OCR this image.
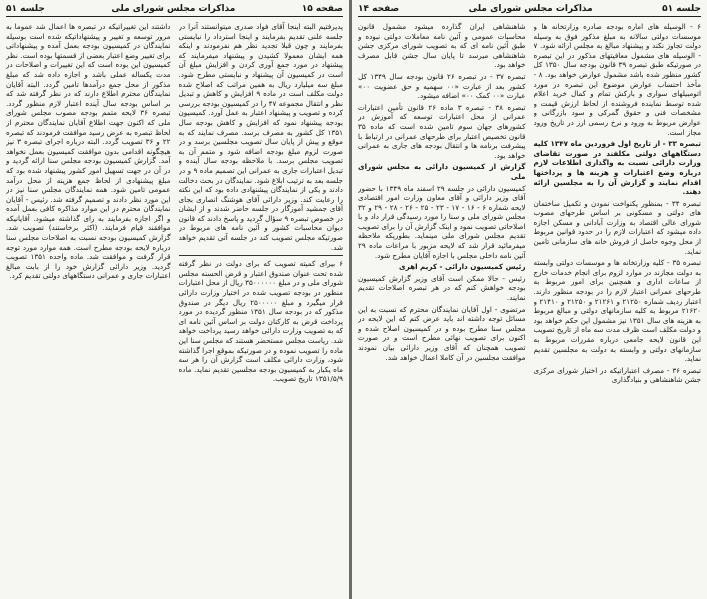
صفحه ۱۵
مذاکرات مجلس شورای ملی
جلسه ۵۱

پدیرفتیم البته اینجا آقای فواد صدری میتوانستند آنرا در جلسه علنی تقدیم بفرمایند و اینجا استرداد را نبایستی بفرمایند و چون قبلا تجدید نظر هم نفرمودند و اینکه همه ایشان معمولا کشیدن و پیشنهاد میفرمایند که پیشنهاد در مورد جمع آوری کردن و افزایش مبلغ آن است در کمیسیون آن پیشنهاد و نبایستی مطرح شود. مبلغ سه میلیارد ریال به همین مراتب که اصلاح شده دولت مکلف است در ماده ۹ افزایش و کاهش و تبدیل نظر و انتقال مجموعه ۴۷ را در کمیسیون بودجه بررسی کرده و تصویب و پیشنهاد اعتبار به عمل آورد. کمیسیون بودجه پیشنهاد نمود که افزایش و کاهش بودجه سال ۱۳۵۱ کل کشور به مصرف برسد. مصرف نمایند که به موقع و پیش از پایان سال تصویب مجلسین برسد و در صورت لزوم مبلغ بودجه اضافه شود و متمم آن به تصویب مجلس برسد. با ملاحظه بودجه سال آینده و تبدیل اعتبارات جاری به عمرانی این تصمیم ماده ۹ و در جلسه بعد به ترتیب ابلاغ شود. نمایندگان در بحث دخالت دادند و یکی از نمایندگان پیشنهادی داده بود که این نکته را رعایت کند. وزیر دارائی آقای هوشنگ انصاری بجای آقای جمشید آموزگار در جلسه حاضر شدند و از ایشان در خصوص تبصره ۹ سؤال گردید و پاسخ دادند که قانون دیوان محاسبات کشور و آئین نامه های مربوط در صورتیکه مجلس تصویب کند در جلسه آتی تقدیم خواهد شد.

۶ بیرای کمیته تصویب که برای دولت در نظر گرفته شده تحت عنوان صندوق اعتبار و قرض الحسنه مجلس شورای ملی و در مبلغ ۳۵۰۰۰۰۰۰ ریال از محل اعتبارات منظور در بودجه تصویب شده در اختیار وزارت دارائی قرار میگیرد و مبلغ ۲۵۰۰۰۰۰ ریال دیگر در صندوق مذکور که در بودجه سال ۱۳۵۱ منظور گردیده در مورد پرداخت قرض به کارکنان دولت بر اساس آئین نامه ای که به تصویب وزارت دارائی خواهد رسید پرداخت خواهد شد. ریاست مجلس مستحضر هستند که مجلس سنا این ماده را تصویب نموده و در صورتیکه بموقع اجرا گذاشته شود، وزارت دارائی مکلف است گزارش آن را هر سه ماه یکبار به کمیسیون بودجه مجلسین تقدیم نماید. ماده ۱۳۵۱/۵/۹ تاریخ تصویب.

داشتند این تغییراتیکه در تبصره ها اعمال شد عموما به مرور توسعه و تغییر و پیشنهاداتیکه شده است بوسیله نمایندگان در کمیسیون بودجه بعمل آمده و پیشنهاداتی برای تغییر وضع اعتبار بعضی از قسمتها بوده است. نظر کمیسیون این بوده است که این تغییرات و اصلاحات در مدت یکساله عملی باشد و اجازه داده شد که مبلغ مذکور از محل جمع درآمدها تامین گردد. البته آقایان نمایندگان محترم اطلاع دارند که در نظر گرفته شد که بر اساس بودجه سال آینده اعتبار لازم منظور گردد. تبصره ۳۶ لایحه متمم بودجه مصوب مجلس شورای ملی که اکنون جهت اطلاع آقایان نمایندگان محترم از لحاظ تبصره به عرض رسید موافقت فرمودند که تبصره ۲۲ و ۳۶ تصویب گردد. البته درباره اجرای تبصره ۳ نیز هیچگونه اقدامی بدون موافقت کمیسیون بعمل نخواهد آمد. گزارش کمیسیون بودجه مجلس سنا ارائه گردید و در آن در جهت تسهیل امور کشور پیشنهاد شده بود که مبلغ پیشنهادی از لحاظ جمع هزینه از محل درآمد عمومی تامین شود. همه نمایندگان مجلس سنا نیز در این مورد نظر دادند و تصمیم گرفته شد. رئیس - آقایان نمایندگان محترم در این موارد مذاکره کافی بعمل آمده و اگر اجازه بفرمایند به رای گذاشته میشود. آقایانیکه موافقند قیام فرمایند. (اکثر برخاستند) تصویب شد. گزارش کمیسیون بودجه نسبت به اصلاحات مجلس سنا درباره لایحه بودجه مطرح است. همه موارد مورد توجه قرار گرفت و موافقت شد. ماده واحده ۱۳۵۱ تصویب گردید. وزیر دارائی گزارش خود را از بابت مبالغ اعتبارات جاری و عمرانی دستگاههای دولتی تقدیم کرد.

جلسه ۵۱
مذاکرات مجلس شورای ملی
صفحه ۱۴

۶ - الوسیله های اماره بودجه صادره وزارتخانه ها و موسسات دولتی سالانه به مبلغ مذکور فوق به وسیله دولت تجاوز نکند و پیشنهاد مبالغ به مجلس ارائه شود. ۷ - الوسیله های مشمول معافیتهای مذکور در این تبصره در صورتیکه طبق تبصره ۳۹ قانون بودجه سال ۱۳۵۰ کل کشور منظور شده باشد مشمول عوارض خواهد بود. ۸ - مأخذ احتساب عوارض موضوع این تبصره در مورد اتومبیلهای سواری و بارکش تمام و کمال خرید اعلام شده توسط نماینده فروشنده از لحاظ ارزش قیمت و مشخصات فنی و حقوق گمرکی و سود بازرگانی و عوارض مربوط به ورود و نرخ رسمی ارز در تاریخ ورود مجاز است.

تبصره ۳۳ - از تاریخ اول فروردین ماه ۱۳۴۷ کلیه دستگاههای دولتی مکلفند در صورت تقاضای وزارت دارائی نسبت به واگذاری اطلاعات لازم درباره وضع اعتبارات و هزینه ها و پرداختها اقدام نمایند و گزارش آن را به مجلسین ارائه دهند.

تبصره ۳۴ - بمنظور یکنواخت نمودن و تکمیل ساختمان های دولتی و مسکونی بر اساس طرحهای مصوب شورای عالی اقتصاد به وزارت آبادانی و مسکن اجازه داده میشود که اعتبارات لازم را در حدود قوانین مربوط از محل وجوه حاصل از فروش خانه های سازمانی تامین نماید.

تبصره ۳۵ - کلیه وزارتخانه ها و موسسات دولتی وابسته به دولت مجازند در موارد لزوم برای انجام خدمات خارج از ساعات اداری و همچنین برای امور مربوط به طرحهای عمرانی اعتبار لازم را در بودجه منظور دارند. اعتبار ردیف شماره ۲۱۲۵۰ و ۲۱۲۶۱ و ۲۱۲۵۰ و ۲۱۴۱۰ و ۲۱۶۲۰ مربوط به کلیه سازمانهای دولتی و مبالغ مربوط به هزینه های سال ۱۳۵۱ نیز مشمول این حکم خواهد بود و دولت مکلف است ظرف مدت سه ماه از تاریخ تصویب این قانون لایحه جامعی درباره مقررات مربوط به سازمانهای دولتی و وابسته به دولت به مجلسین تقدیم نماید.

تبصره ۳۶ - مصرف اعتباراتیکه در اختیار شورای مرکزی جشن شاهنشاهی و بنیادگذاری

شاهنشاهی ایران گذارده میشود مشمول قانون محاسبات عمومی و آئین نامه معاملات دولتی نبوده و طبق آئین نامه ای که به تصویب شورای مرکزی جشن شاهنشاهی میرسد تا پایان سال جشن قابل مصرف خواهد بود.

تبصره ۳۷ - در تبصره ۲۶ قانون بودجه سال ۱۳۴۹ کل کشور بعد از عبارت «۰۰ سهمیه و حق عضویت ۰۰» عبارت «۰۰ کمک ۰۰» اضافه میشود.

تبصره ۳۸ - تبصره ۳ ماده ۲۶ قانون تأمین اعتبارات عمرانی از محل اعتبارات توسعه که آموزش در کشورهای جهان سوم تامین شده است که ماده ۳۵ قانون تخصیص اعتبار برای طرحهای عمرانی در ارتباط با پیشرفت برنامه ها و انتقال بودجه های جاری به عمرانی خواهد بود.

گزارش از کمیسیون دارائی به مجلس شورای ملی

کمیسیون دارائی در جلسه ۲۹ اسفند ماه ۱۳۴۹ با حضور آقای وزیر دارائی و آقای معاون وزارت امور اقتصادی لایحه شماره ۶ - ۱۶ - ۱۷ - ۲۳ - ۲۵ - ۲۶ - ۲۸ - ۲۹ و ۳۲ مجلس شورای ملی و سنا را مورد رسیدگی قرار داد و با اصلاحاتی تصویب نمود و اینک گزارش آن را برای تصویب تقدیم مجلس شورای ملی مینماید. بطوریکه ملاحظه میفرمائید قرار شد که لایحه مزبور با مراعات ماده ۲۹ آئین نامه داخلی مجلس با اجازه آقایان مطرح شود.

رئیس کمیسیون دارائی - کریم اهری

رئیس - حالا ممکن است آقای وزیر گزارش کمیسیون بودجه خواهش کنم که در هر تبصره اصلاحات تقدیم نمایند.

مرتضوی - اول آقایان نمایندگان محترم که نسبت به این مسائل توجه داشته اند باید عرض کنم که این لایحه در مجلس سنا مطرح بوده و در کمیسیون اصلاح شده و اکنون برای تصویب نهائی مطرح است و در صورت تصویب همچنان که آقای وزیر دارائی بیان نمودند موافقت مجلسین در آن کاملا اعمال خواهد شد.
